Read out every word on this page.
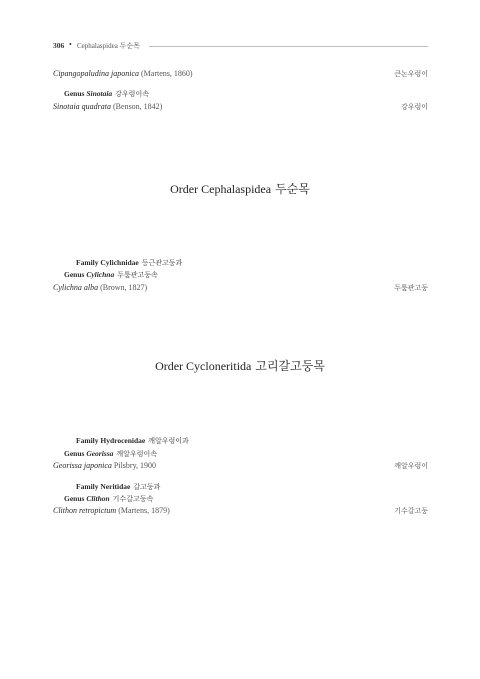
306 • Cephalaspidea 두순목
Cipangopaludina japonica (Martens, 1860)	큰논우렁이
Genus Sinotaia 강우렁이속
Sinotaia quadrata (Benson, 1842)	강우렁이
Order Cephalaspidea 두순목
Family Cylichnidae 등근관고둥과
Genus Cylichna 두툼관고둥속
Cylichna alba (Brown, 1827)	두툼관고둥
Order Cycloneritida 고리갈고둥목
Family Hydrocenidae 깨알우렁이과
Genus Georissa 깨알우렁이속
Georissa japonica Pilsbry, 1900	깨알우렁이
Family Neritidae 갈고둥과
Genus Clithon 기수갈고둥속
Clithon retropictum (Martens, 1879)	기수갈고둥
